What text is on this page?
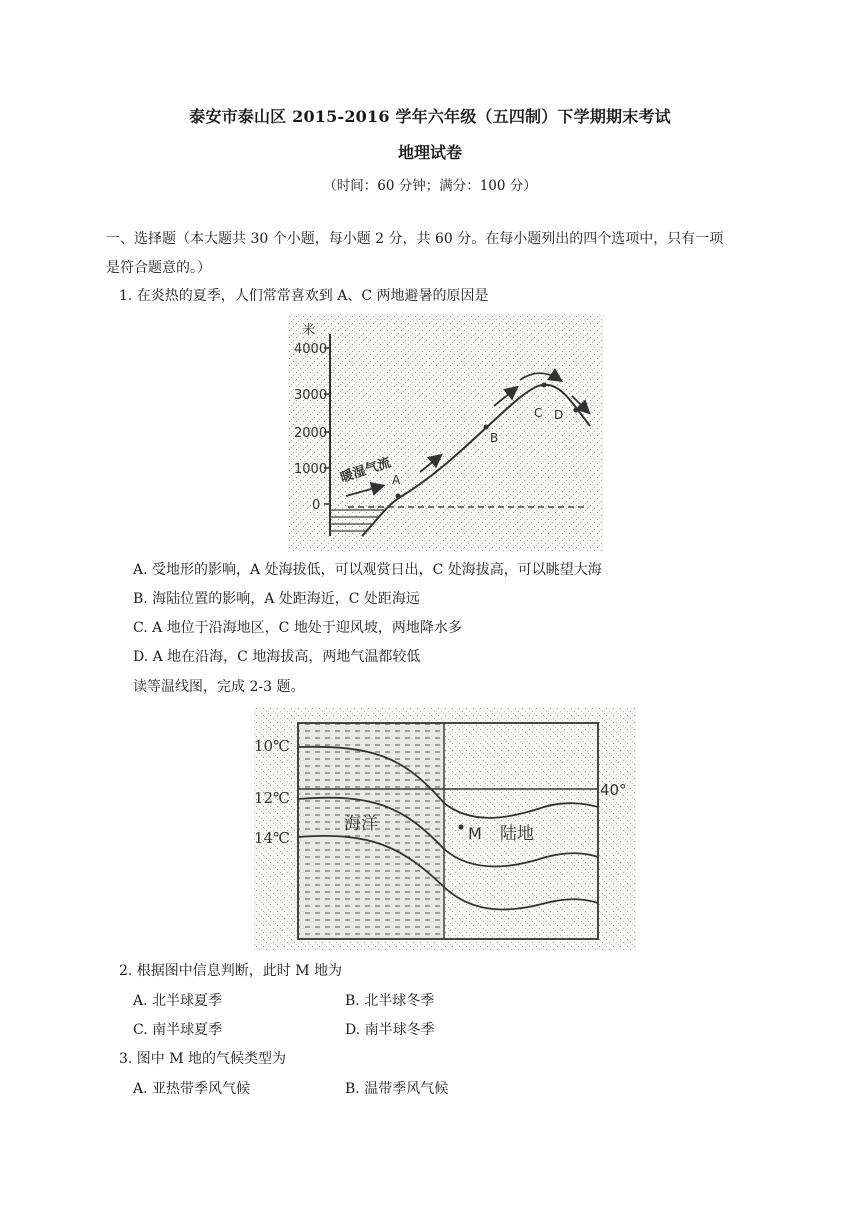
泰安市泰山区 2015-2016 学年六年级（五四制）下学期期末考试
地理试卷
（时间：60 分钟；满分：100 分）
一、选择题（本大题共 30 个小题，每小题 2 分，共 60 分。在每小题列出的四个选项中，只有一项
是符合题意的。）
1. 在炎热的夏季，人们常常喜欢到 A、C 两地避暑的原因是
米
4000
3000
2000
1000
0
A
B
C D
暖湿气流
A. 受地形的影响，A 处海拔低，可以观赏日出，C 处海拔高，可以眺望大海
B. 海陆位置的影响，A 处距海近，C 处距海远
C. A 地位于沿海地区，C 地处于迎风坡，两地降水多
D. A 地在沿海，C 地海拔高，两地气温都较低
读等温线图，完成 2-3 题。
40°
10℃
12℃
14℃
海洋	M 陆地
2. 根据图中信息判断，此时 M 地为
A. 北半球夏季	B. 北半球冬季
C. 南半球夏季	D. 南半球冬季
3. 图中 M 地的气候类型为
A. 亚热带季风气候	B. 温带季风气候
